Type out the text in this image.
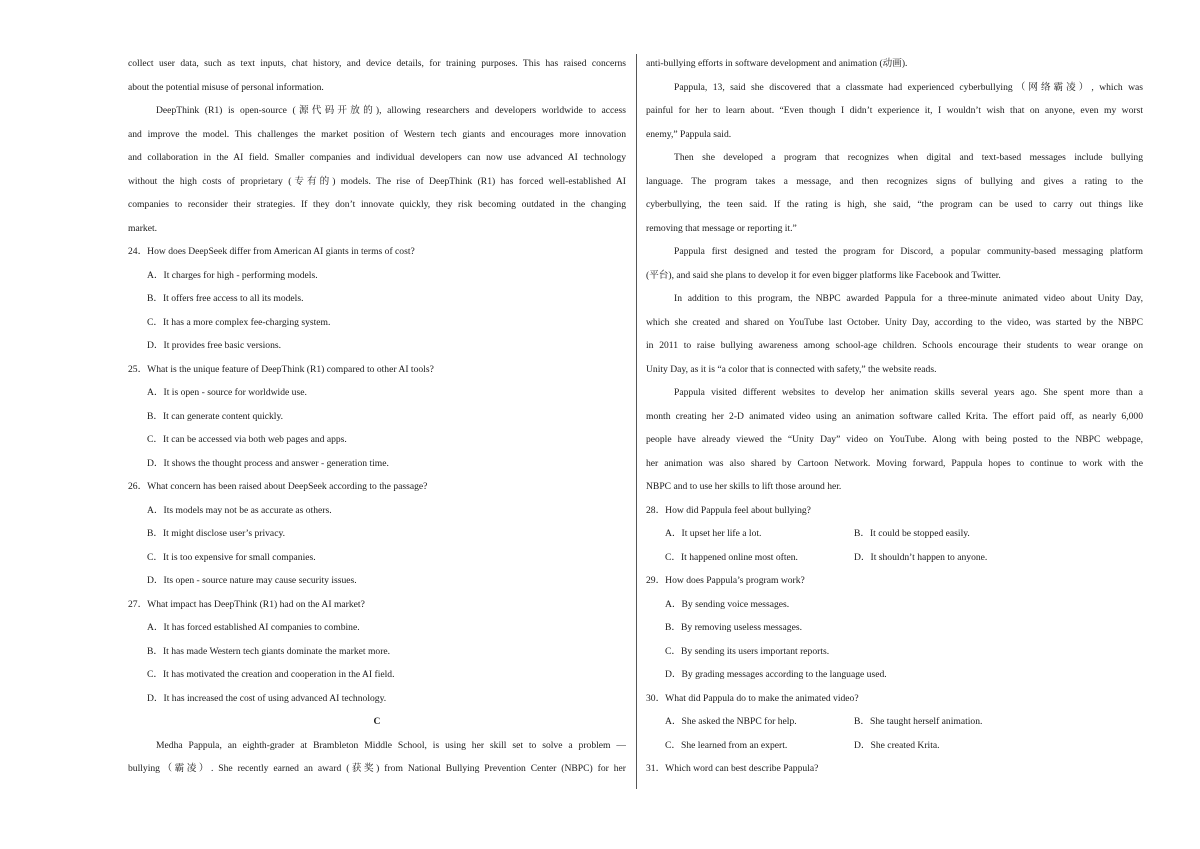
collect user data, such as text inputs, chat history, and device details, for training purposes. This has raised concerns
about the potential misuse of personal information.
DeepThink (R1) is open-source (源代码开放的), allowing researchers and developers worldwide to access
and improve the model. This challenges the market position of Western tech giants and encourages more innovation
and collaboration in the AI field. Smaller companies and individual developers can now use advanced AI technology
without the high costs of proprietary (专有的) models. The rise of DeepThink (R1) has forced well-established AI
companies to reconsider their strategies. If they don’t innovate quickly, they risk becoming outdated in the changing
market.
24．How does DeepSeek differ from American AI giants in terms of cost?
A．It charges for high - performing models.
B．It offers free access to all its models.
C．It has a more complex fee-charging system.
D．It provides free basic versions.
25．What is the unique feature of DeepThink (R1) compared to other AI tools?
A．It is open - source for worldwide use.
B．It can generate content quickly.
C．It can be accessed via both web pages and apps.
D．It shows the thought process and answer - generation time.
26．What concern has been raised about DeepSeek according to the passage?
A．Its models may not be as accurate as others.
B．It might disclose user’s privacy.
C．It is too expensive for small companies.
D．Its open - source nature may cause security issues.
27．What impact has DeepThink (R1) had on the AI market?
A．It has forced established AI companies to combine.
B．It has made Western tech giants dominate the market more.
C．It has motivated the creation and cooperation in the AI field.
D．It has increased the cost of using advanced AI technology.
C
Medha Pappula, an eighth-grader at Brambleton Middle School, is using her skill set to solve a problem —
bullying（霸凌）. She recently earned an award (获奖) from National Bullying Prevention Center (NBPC) for her
anti-bullying efforts in software development and animation (动画).
Pappula, 13, said she discovered that a classmate had experienced cyberbullying（网络霸凌）, which was
painful for her to learn about. “Even though I didn’t experience it, I wouldn’t wish that on anyone, even my worst
enemy,” Pappula said.
Then she developed a program that recognizes when digital and text-based messages include bullying
language. The program takes a message, and then recognizes signs of bullying and gives a rating to the
cyberbullying, the teen said. If the rating is high, she said, “the program can be used to carry out things like
removing that message or reporting it.”
Pappula first designed and tested the program for Discord, a popular community-based messaging platform
(平台), and said she plans to develop it for even bigger platforms like Facebook and Twitter.
In addition to this program, the NBPC awarded Pappula for a three-minute animated video about Unity Day,
which she created and shared on YouTube last October. Unity Day, according to the video, was started by the NBPC
in 2011 to raise bullying awareness among school-age children. Schools encourage their students to wear orange on
Unity Day, as it is “a color that is connected with safety,” the website reads.
Pappula visited different websites to develop her animation skills several years ago. She spent more than a
month creating her 2-D animated video using an animation software called Krita. The effort paid off, as nearly 6,000
people have already viewed the “Unity Day” video on YouTube. Along with being posted to the NBPC webpage,
her animation was also shared by Cartoon Network. Moving forward, Pappula hopes to continue to work with the
NBPC and to use her skills to lift those around her.
28．How did Pappula feel about bullying?
A．It upset her life a lot.	B．It could be stopped easily.
C．It happened online most often.	D．It shouldn’t happen to anyone.
29．How does Pappula’s program work?
A．By sending voice messages.
B．By removing useless messages.
C．By sending its users important reports.
D．By grading messages according to the language used.
30．What did Pappula do to make the animated video?
A．She asked the NBPC for help.	B．She taught herself animation.
C．She learned from an expert.	D．She created Krita.
31．Which word can best describe Pappula?
